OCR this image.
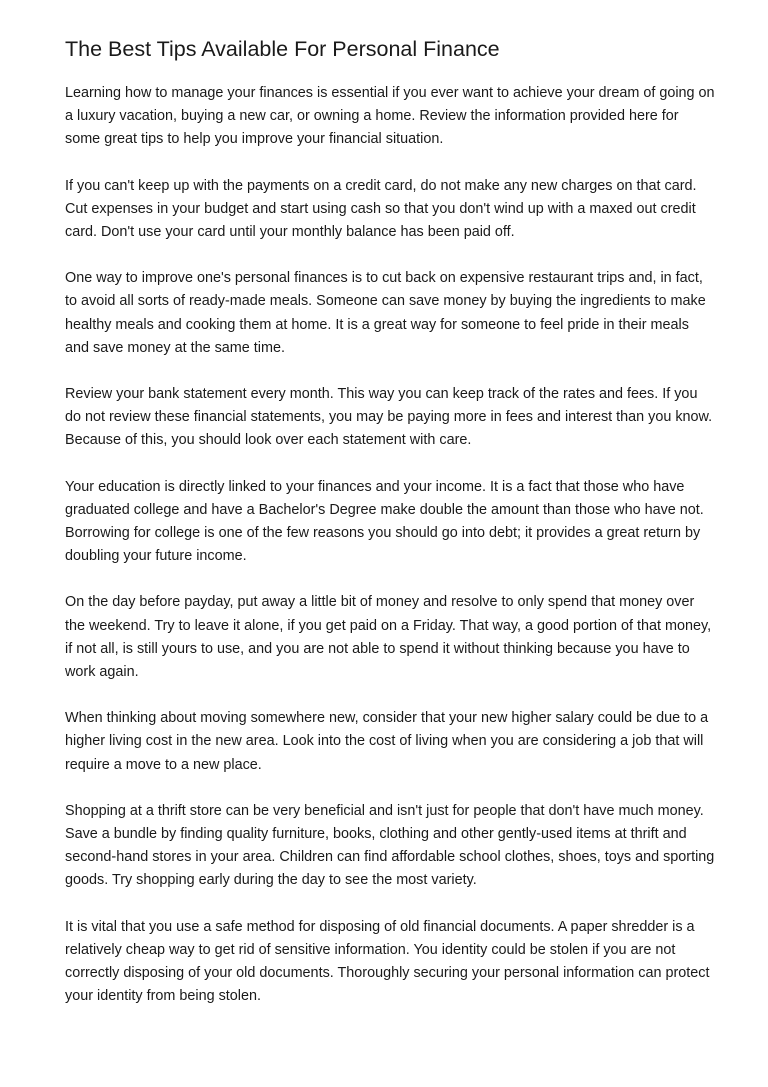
The Best Tips Available For Personal Finance

Learning how to manage your finances is essential if you ever want to achieve your dream of going on a luxury vacation, buying a new car, or owning a home. Review the information provided here for some great tips to help you improve your financial situation.

If you can't keep up with the payments on a credit card, do not make any new charges on that card. Cut expenses in your budget and start using cash so that you don't wind up with a maxed out credit card. Don't use your card until your monthly balance has been paid off.

One way to improve one's personal finances is to cut back on expensive restaurant trips and, in fact, to avoid all sorts of ready-made meals. Someone can save money by buying the ingredients to make healthy meals and cooking them at home. It is a great way for someone to feel pride in their meals and save money at the same time.

Review your bank statement every month. This way you can keep track of the rates and fees. If you do not review these financial statements, you may be paying more in fees and interest than you know. Because of this, you should look over each statement with care.

Your education is directly linked to your finances and your income. It is a fact that those who have graduated college and have a Bachelor's Degree make double the amount than those who have not. Borrowing for college is one of the few reasons you should go into debt; it provides a great return by doubling your future income.

On the day before payday, put away a little bit of money and resolve to only spend that money over the weekend. Try to leave it alone, if you get paid on a Friday. That way, a good portion of that money, if not all, is still yours to use, and you are not able to spend it without thinking because you have to work again.

When thinking about moving somewhere new, consider that your new higher salary could be due to a higher living cost in the new area. Look into the cost of living when you are considering a job that will require a move to a new place.

Shopping at a thrift store can be very beneficial and isn't just for people that don't have much money. Save a bundle by finding quality furniture, books, clothing and other gently-used items at thrift and second-hand stores in your area. Children can find affordable school clothes, shoes, toys and sporting goods. Try shopping early during the day to see the most variety.

It is vital that you use a safe method for disposing of old financial documents. A paper shredder is a relatively cheap way to get rid of sensitive information. You identity could be stolen if you are not correctly disposing of your old documents. Thoroughly securing your personal information can protect your identity from being stolen.
